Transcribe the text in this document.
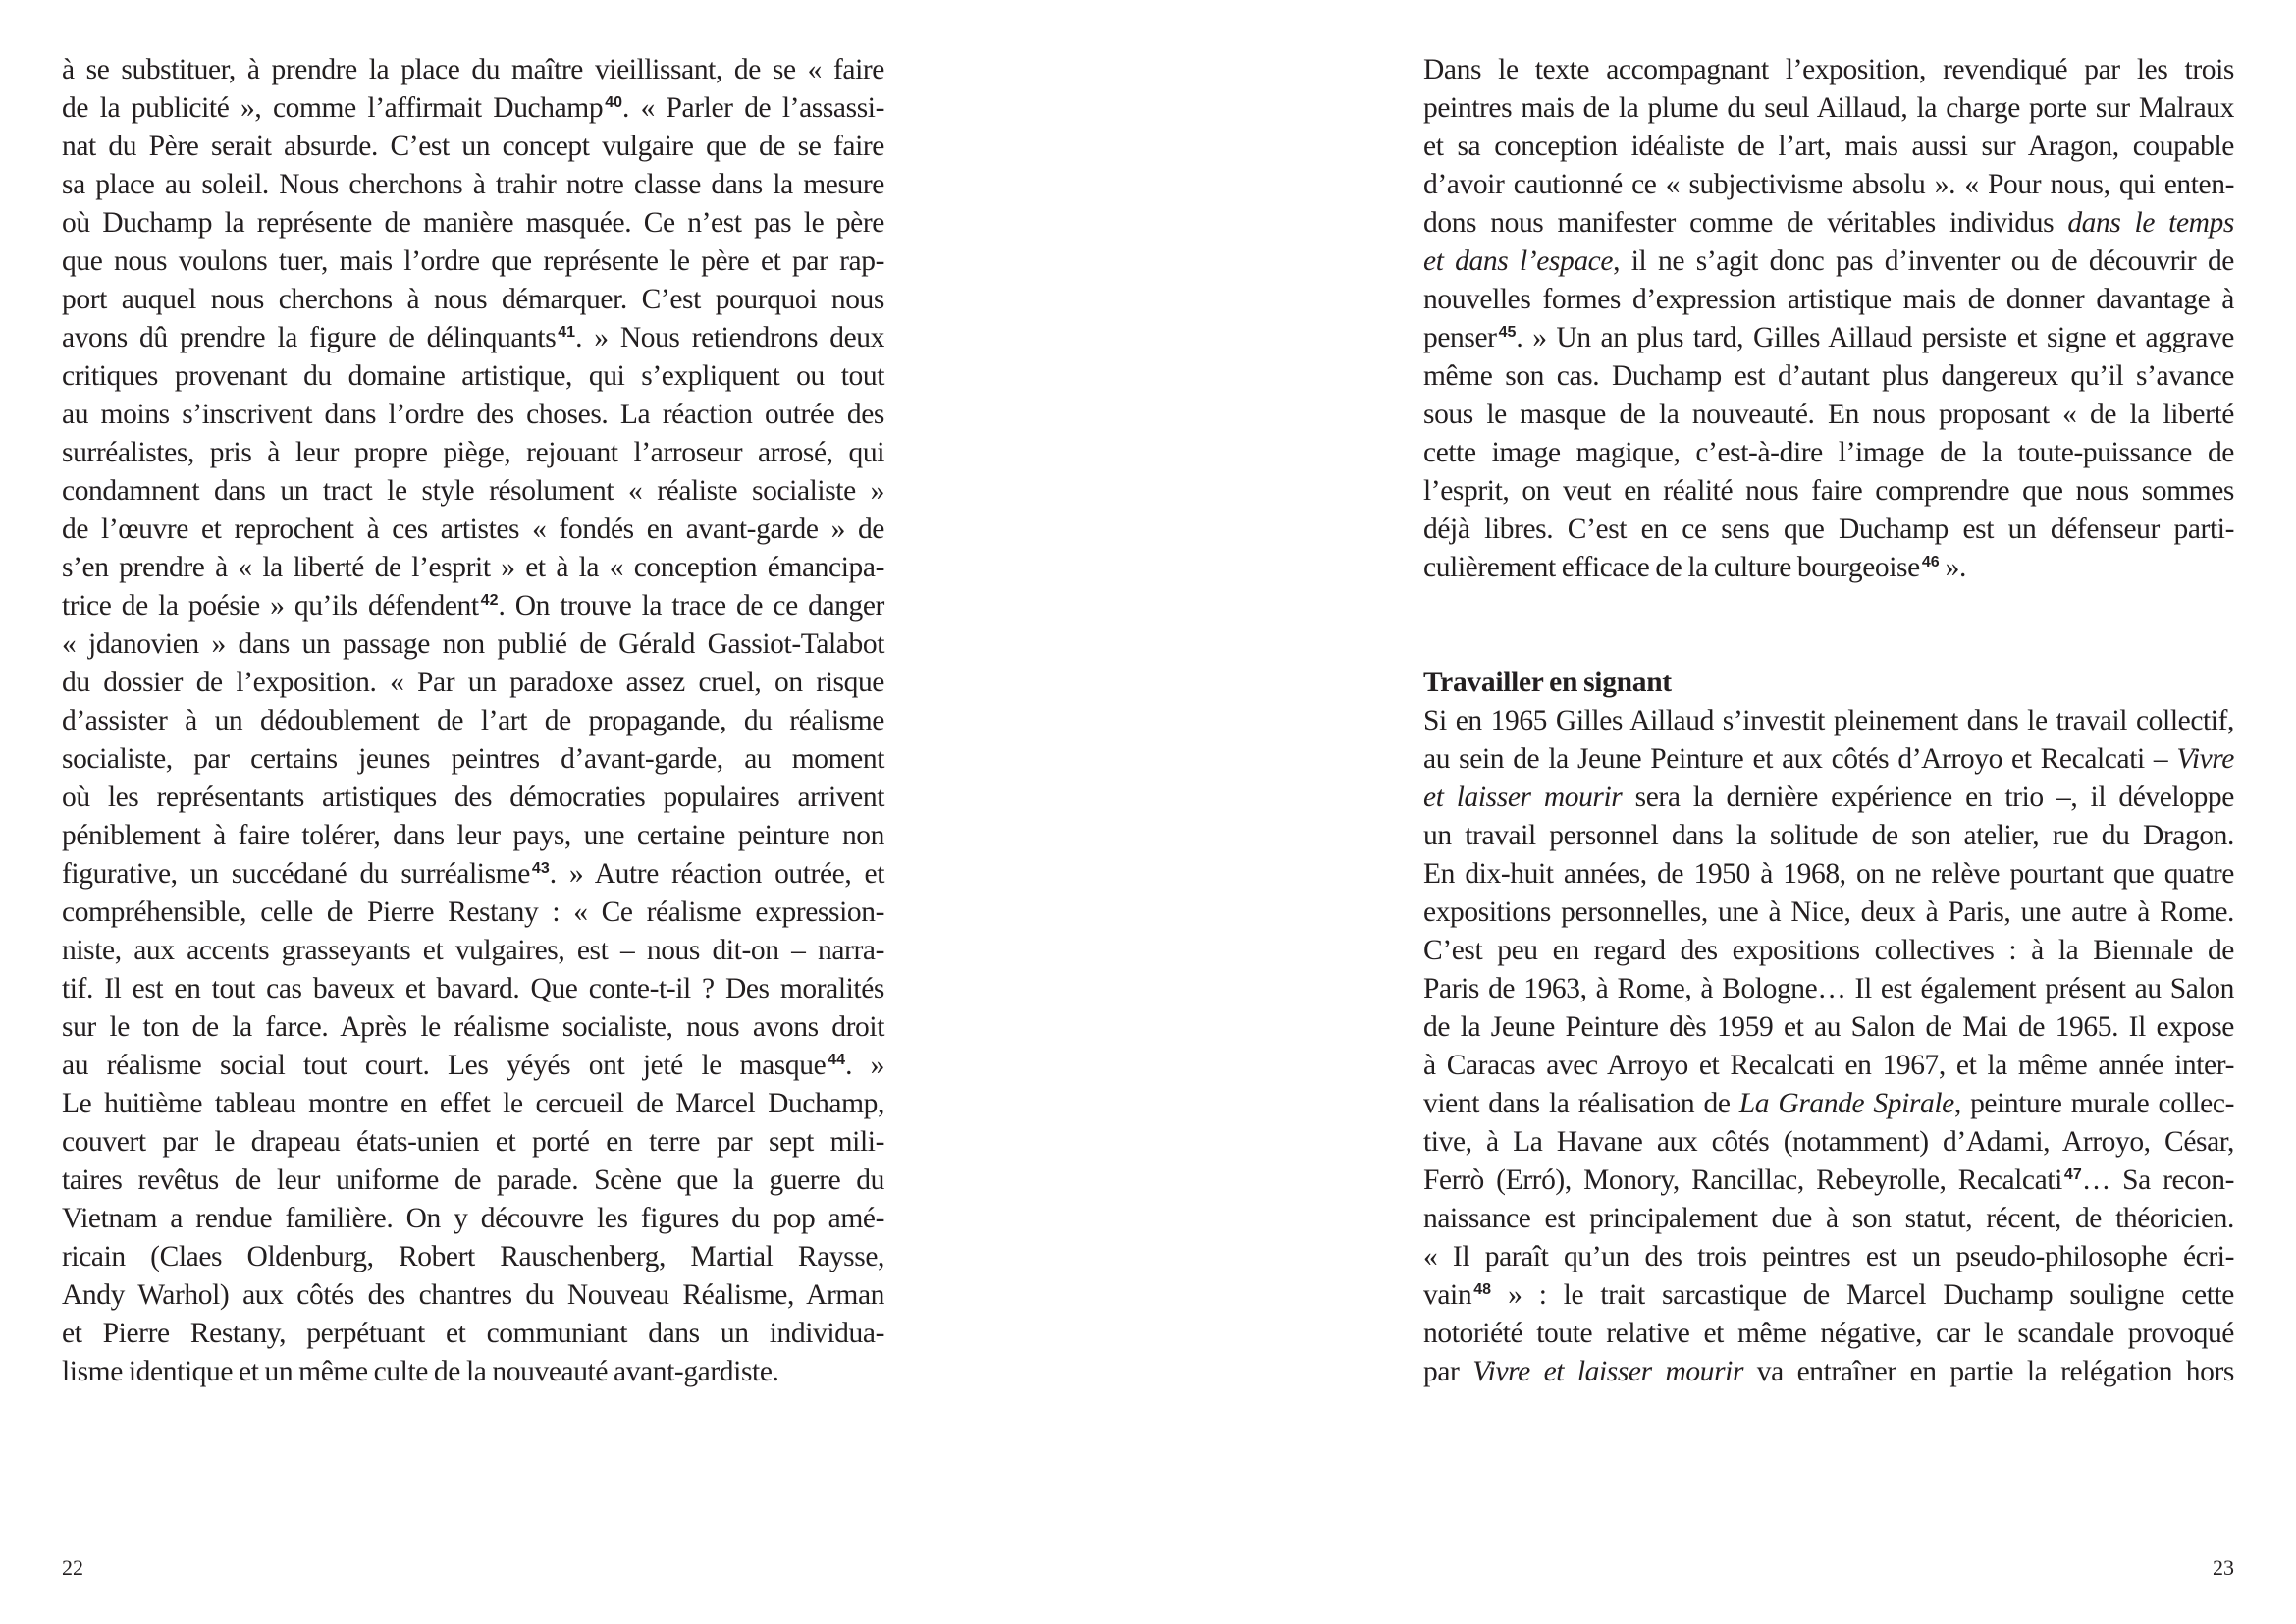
à se substituer, à prendre la place du maître vieillissant, de se « faire
de la publicité », comme l’affirmait Duchamp $^{40}$. « Parler de l’assassi-
nat du Père serait absurde. C’est un concept vulgaire que de se faire
sa place au soleil. Nous cherchons à trahir notre classe dans la mesure
où Duchamp la représente de manière masquée. Ce n’est pas le père
que nous voulons tuer, mais l’ordre que représente le père et par rap-
port auquel nous cherchons à nous démarquer. C’est pourquoi nous
avons dû prendre la figure de délinquants $^{41}$. » Nous retiendrons deux
critiques provenant du domaine artistique, qui s’expliquent ou tout
au moins s’inscrivent dans l’ordre des choses. La réaction outrée des
surréalistes, pris à leur propre piège, rejouant l’arroseur arrosé, qui
condamnent dans un tract le style résolument « réaliste socialiste »
de l’œuvre et reprochent à ces artistes « fondés en avant-garde » de
s’en prendre à « la liberté de l’esprit » et à la « conception émancipa-
trice de la poésie » qu’ils défendent $^{42}$. On trouve la trace de ce danger
« jdanovien » dans un passage non publié de Gérald Gassiot-Talabot
du dossier de l’exposition. « Par un paradoxe assez cruel, on risque
d’assister à un dédoublement de l’art de propagande, du réalisme
socialiste, par certains jeunes peintres d’avant-garde, au moment
où les représentants artistiques des démocraties populaires arrivent
péniblement à faire tolérer, dans leur pays, une certaine peinture non
figurative, un succédané du surréalisme $^{43}$. » Autre réaction outrée, et
compréhensible, celle de Pierre Restany : « Ce réalisme expression-
niste, aux accents grasseyants et vulgaires, est – nous dit-on – narra-
tif. Il est en tout cas baveux et bavard. Que conte-t-il ? Des moralités
sur le ton de la farce. Après le réalisme socialiste, nous avons droit
au réalisme social tout court. Les yéyés ont jeté le masque $^{44}$. »
Le huitième tableau montre en effet le cercueil de Marcel Duchamp,
couvert par le drapeau états-unien et porté en terre par sept mili-
taires revêtus de leur uniforme de parade. Scène que la guerre du
Vietnam a rendue familière. On y découvre les figures du pop amé-
ricain (Claes Oldenburg, Robert Rauschenberg, Martial Raysse,
Andy Warhol) aux côtés des chantres du Nouveau Réalisme, Arman
et Pierre Restany, perpétuant et communiant dans un individua-
lisme identique et un même culte de la nouveauté avant-gardiste.
22
Dans le texte accompagnant l’exposition, revendiqué par les trois
peintres mais de la plume du seul Aillaud, la charge porte sur Malraux
et sa conception idéaliste de l’art, mais aussi sur Aragon, coupable
d’avoir cautionné ce « subjectivisme absolu ». « Pour nous, qui enten-
dons nous manifester comme de véritables individus dans le temps
et dans l’espace, il ne s’agit donc pas d’inventer ou de découvrir de
nouvelles formes d’expression artistique mais de donner davantage à
penser $^{45}$. » Un an plus tard, Gilles Aillaud persiste et signe et aggrave
même son cas. Duchamp est d’autant plus dangereux qu’il s’avance
sous le masque de la nouveauté. En nous proposant « de la liberté
cette image magique, c’est-à-dire l’image de la toute-puissance de
l’esprit, on veut en réalité nous faire comprendre que nous sommes
déjà libres. C’est en ce sens que Duchamp est un défenseur parti-
culièrement efficace de la culture bourgeoise $^{46}$ ».
Travailler en signant
Si en 1965 Gilles Aillaud s’investit pleinement dans le travail collectif,
au sein de la Jeune Peinture et aux côtés d’Arroyo et Recalcati – Vivre
et laisser mourir sera la dernière expérience en trio –, il développe
un travail personnel dans la solitude de son atelier, rue du Dragon.
En dix-huit années, de 1950 à 1968, on ne relève pourtant que quatre
expositions personnelles, une à Nice, deux à Paris, une autre à Rome.
C’est peu en regard des expositions collectives : à la Biennale de
Paris de 1963, à Rome, à Bologne… Il est également présent au Salon
de la Jeune Peinture dès 1959 et au Salon de Mai de 1965. Il expose
à Caracas avec Arroyo et Recalcati en 1967, et la même année inter-
vient dans la réalisation de La Grande Spirale, peinture murale collec-
tive, à La Havane aux côtés (notamment) d’Adami, Arroyo, César,
Ferrò (Erró), Monory, Rancillac, Rebeyrolle, Recalcati $^{47}$… Sa recon-
naissance est principalement due à son statut, récent, de théoricien.
« Il paraît qu’un des trois peintres est un pseudo-philosophe écri-
vain $^{48}$ » : le trait sarcastique de Marcel Duchamp souligne cette
notoriété toute relative et même négative, car le scandale provoqué
par Vivre et laisser mourir va entraîner en partie la relégation hors
23
